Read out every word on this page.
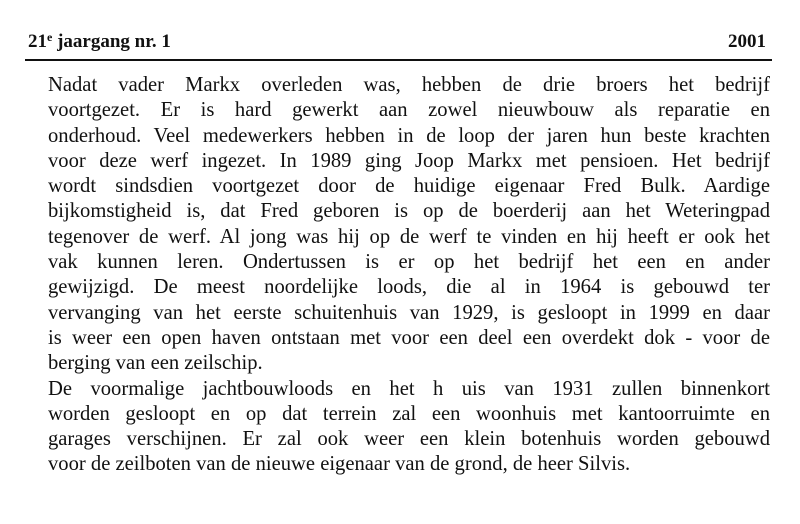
21e jaargang nr. 1	2001

Nadat vader Markx overleden was, hebben de drie broers het bedrijf
voortgezet. Er is hard gewerkt aan zowel nieuwbouw als reparatie en
onderhoud. Veel medewerkers hebben in de loop der jaren hun beste krachten
voor deze werf ingezet. In 1989 ging Joop Markx met pensioen. Het bedrijf
wordt sindsdien voortgezet door de huidige eigenaar Fred Bulk. Aardige
bijkomstigheid is, dat Fred geboren is op de boerderij aan het Weteringpad
tegenover de werf. Al jong was hij op de werf te vinden en hij heeft er ook het
vak kunnen leren. Ondertussen is er op het bedrijf het een en ander
gewijzigd. De meest noordelijke loods, die al in 1964 is gebouwd ter
vervanging van het eerste schuitenhuis van 1929, is gesloopt in 1999 en daar
is weer een open haven ontstaan met voor een deel een overdekt dok - voor de
berging van een zeilschip.

De voormalige jachtbouwloods en het h uis van 1931 zullen binnenkort
worden gesloopt en op dat terrein zal een woonhuis met kantoorruimte en
garages verschijnen. Er zal ook weer een klein botenhuis worden gebouwd
voor de zeilboten van de nieuwe eigenaar van de grond, de heer Silvis.
